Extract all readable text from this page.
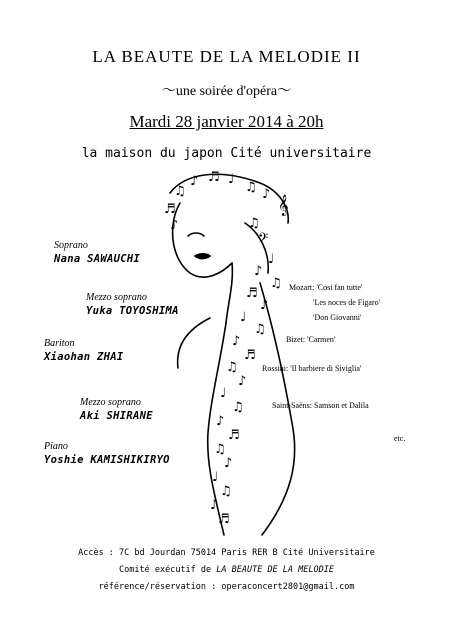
LA BEAUTE DE LA MELODIE II
〜une soirée d'opéra〜
Mardi 28 janvier 2014 à 20h
la maison du japon Cité universitaire
♫
♪ ♬ ♩
♫ ♪
𝄞
♬
♪	♫
𝄢
♩
♪
♫
♬
♪
♩
♫
♪
♬
♫
♪
♩
♫
♪
♬
♫
♪
♩
♫
♪
♬
Soprano
Nana SAWAUCHI
Mezzo soprano
Yuka TOYOSHIMA
Bariton
Xiaohan ZHAI
Mezzo soprano
Aki SHIRANE
Piano
Yoshie KAMISHIKIRYO
Mozart: 'Cosi fan tutte'
'Les noces de Figaro'
'Don Giovanni'
Bizet: 'Carmen'
Rossini: 'Il barbiere di Siviglia'
Saint-Saëns: Samson et Dalila
etc.
Accès : 7C bd Jourdan 75014 Paris RER B Cité Universitaire
Comité exécutif de LA BEAUTE DE LA MELODIE
référence/réservation : operaconcert2801@gmail.com
